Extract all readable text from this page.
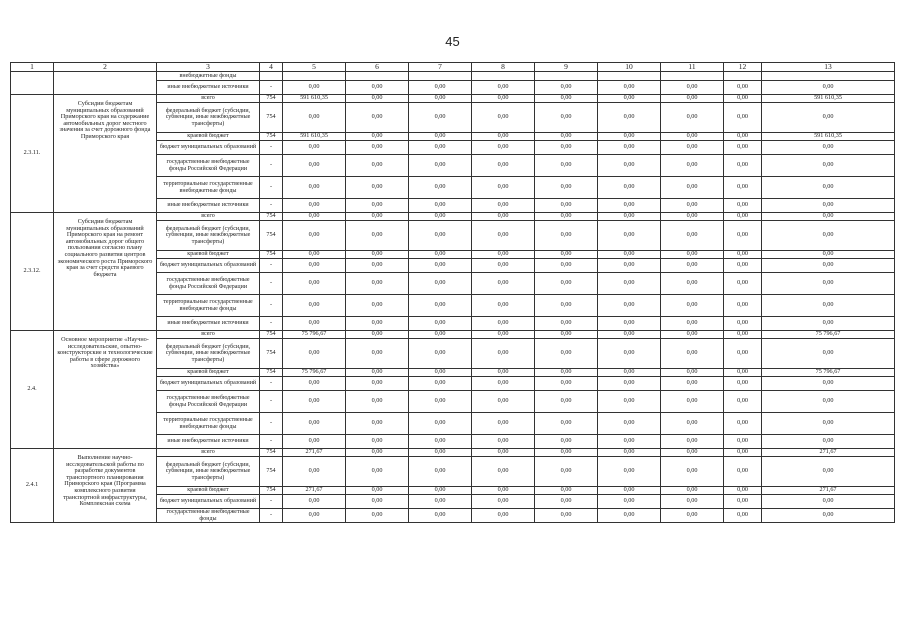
45
1	2	3	4	5	6	7	8	9	10	11	12	13
		внебюджетные фонды										
		иные внебюджетные источники	-	0,00	0,00	0,00	0,00	0,00	0,00	0,00	0,00	0,00
2.3.11.	Субсидии бюджетам муниципальных образований Приморского края на содержание автомобильных дорог местного значения за счет дорожного фонда Приморского края	всего	754	591 610,35	0,00	0,00	0,00	0,00	0,00	0,00	0,00	591 610,35
		федеральный бюджет (субсидии, субвенции, иные межбюджетные трансферты)	754	0,00	0,00	0,00	0,00	0,00	0,00	0,00	0,00	0,00
		краевой бюджет	754	591 610,35	0,00	0,00	0,00	0,00	0,00	0,00	0,00	591 610,35
		бюджет муниципальных образований	-	0,00	0,00	0,00	0,00	0,00	0,00	0,00	0,00	0,00
		государственные внебюджетные фонды Российской Федерации	-	0,00	0,00	0,00	0,00	0,00	0,00	0,00	0,00	0,00
		территориальные государственные внебюджетные фонды	-	0,00	0,00	0,00	0,00	0,00	0,00	0,00	0,00	0,00
		иные внебюджетные источники	-	0,00	0,00	0,00	0,00	0,00	0,00	0,00	0,00	0,00
2.3.12.	Субсидии бюджетам муниципальных образований Приморского края на ремонт автомобильных дорог общего пользования согласно плану социального развития центров экономического роста Приморского края за счет средств краевого бюджета	всего	754	0,00	0,00	0,00	0,00	0,00	0,00	0,00	0,00	0,00
		федеральный бюджет (субсидии, субвенции, иные межбюджетные трансферты)	754	0,00	0,00	0,00	0,00	0,00	0,00	0,00	0,00	0,00
		краевой бюджет	754	0,00	0,00	0,00	0,00	0,00	0,00	0,00	0,00	0,00
		бюджет муниципальных образований	-	0,00	0,00	0,00	0,00	0,00	0,00	0,00	0,00	0,00
		государственные внебюджетные фонды Российской Федерации	-	0,00	0,00	0,00	0,00	0,00	0,00	0,00	0,00	0,00
		территориальные государственные внебюджетные фонды	-	0,00	0,00	0,00	0,00	0,00	0,00	0,00	0,00	0,00
		иные внебюджетные источники	-	0,00	0,00	0,00	0,00	0,00	0,00	0,00	0,00	0,00
2.4.	Основное мероприятие «Научно-исследовательские, опытно-конструкторские и технологические работы в сфере дорожного хозяйства»	всего	754	75 796,67	0,00	0,00	0,00	0,00	0,00	0,00	0,00	75 796,67
		федеральный бюджет (субсидии, субвенции, иные межбюджетные трансферты)	754	0,00	0,00	0,00	0,00	0,00	0,00	0,00	0,00	0,00
		краевой бюджет	754	75 796,67	0,00	0,00	0,00	0,00	0,00	0,00	0,00	75 796,67
		бюджет муниципальных образований	-	0,00	0,00	0,00	0,00	0,00	0,00	0,00	0,00	0,00
		государственные внебюджетные фонды Российской Федерации	-	0,00	0,00	0,00	0,00	0,00	0,00	0,00	0,00	0,00
		территориальные государственные внебюджетные фонды	-	0,00	0,00	0,00	0,00	0,00	0,00	0,00	0,00	0,00
		иные внебюджетные источники	-	0,00	0,00	0,00	0,00	0,00	0,00	0,00	0,00	0,00
2.4.1	Выполнение научно-исследовательской работы по разработке документов транспортного планирования Приморского края (Программа комплексного развития транспортной инфраструктуры, Комплексная схема	всего	754	271,67	0,00	0,00	0,00	0,00	0,00	0,00	0,00	271,67
		федеральный бюджет (субсидии, субвенции, иные межбюджетные трансферты)	754	0,00	0,00	0,00	0,00	0,00	0,00	0,00	0,00	0,00
		краевой бюджет	754	271,67	0,00	0,00	0,00	0,00	0,00	0,00	0,00	271,67
		бюджет муниципальных образований	-	0,00	0,00	0,00	0,00	0,00	0,00	0,00	0,00	0,00
		государственные внебюджетные фонды	-	0,00	0,00	0,00	0,00	0,00	0,00	0,00	0,00	0,00
